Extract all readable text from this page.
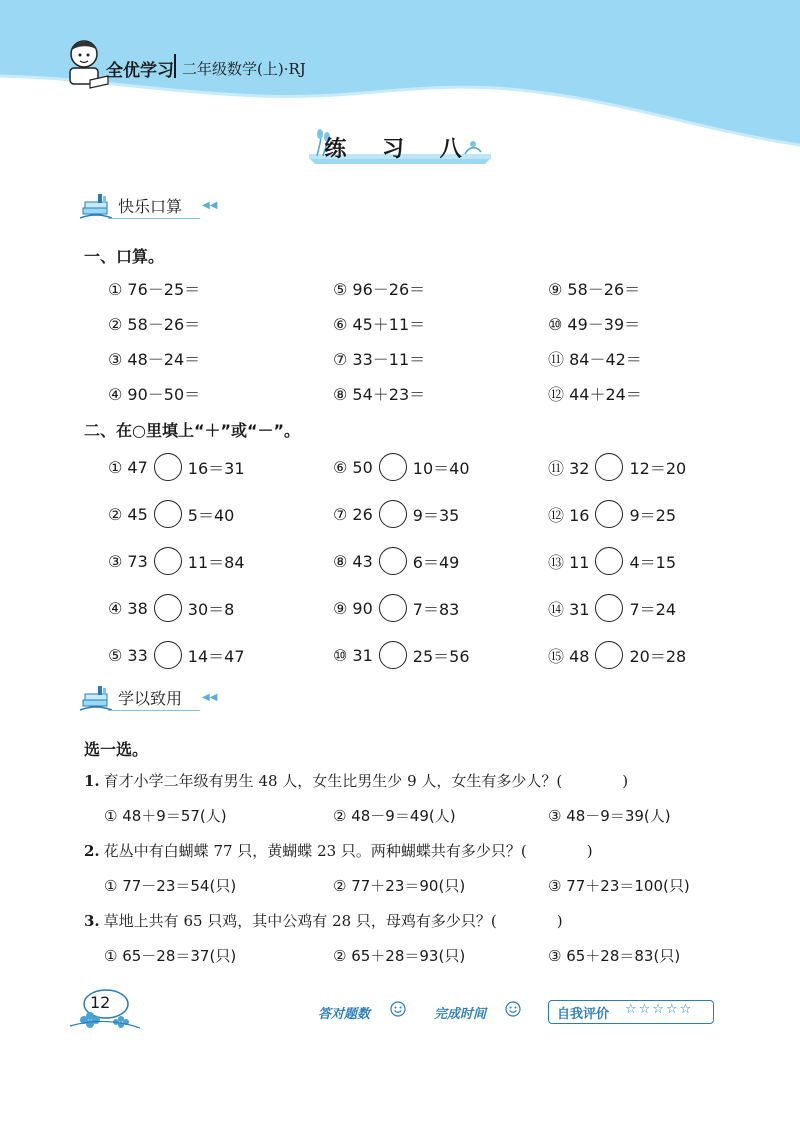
全优学习 二年级数学(上)·RJ
练 习 八
快乐口算 ◀◀
一、口算。
① 76－25＝	⑤ 96－26＝	⑨ 58－26＝
② 58－26＝	⑥ 45＋11＝	⑩ 49－39＝
③ 48－24＝	⑦ 33－11＝	⑪ 84－42＝
④ 90－50＝	⑧ 54＋23＝	⑫ 44＋24＝
二、在○里填上“＋”或“－”。
① 47	16＝31	⑥ 50	10＝40	⑪ 32	12＝20
② 45	5＝40	⑦ 26	9＝35	⑫ 16	9＝25
③ 73	11＝84	⑧ 43	6＝49	⑬ 11	4＝15
④ 38	30＝8	⑨ 90	7＝83	⑭ 31	7＝24
⑤ 33	14＝47	⑩ 31	25＝56	⑮ 48	20＝28
学以致用 ◀◀
选一选。
1. 育才小学二年级有男生 48 人，女生比男生少 9 人，女生有多少人？(　　　　)
① 48＋9＝57(人)	② 48－9＝49(人)	③ 48－9＝39(人)
2. 花丛中有白蝴蝶 77 只，黄蝴蝶 23 只。两种蝴蝶共有多少只？(　　　　)
① 77－23＝54(只)	② 77＋23＝90(只)	③ 77＋23＝100(只)
3. 草地上共有 65 只鸡，其中公鸡有 28 只，母鸡有多少只？(　　　　)
① 65－28＝37(只)	② 65＋28＝93(只)	③ 65＋28＝83(只)
12
答对题数	完成时间	自我评价 ☆☆☆☆☆
